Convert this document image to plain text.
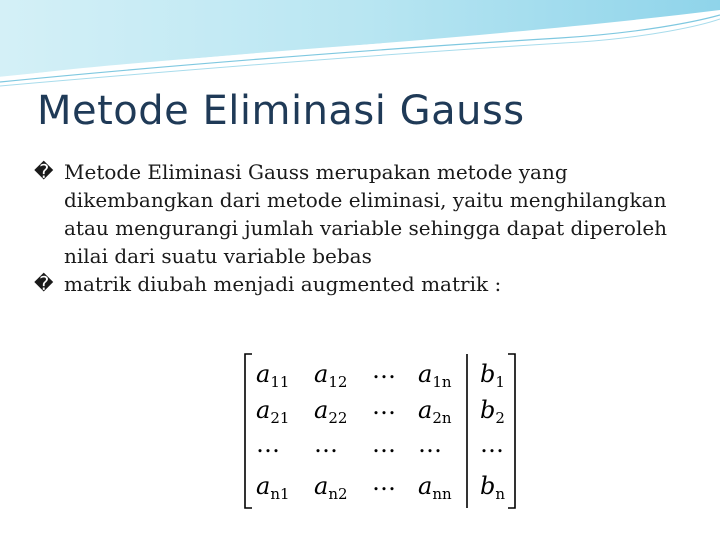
Metode Eliminasi Gauss
� Metode Eliminasi Gauss merupakan metode yang dikembangkan dari metode eliminasi, yaitu menghilangkan atau mengurangi jumlah variable sehingga dapat diperoleh nilai dari suatu variable bebas
� matrik diubah menjadi augmented matrik :
$a_{11}$ $a_{12}$ … $a_{1n}$ $b_1$
$a_{21}$ $a_{22}$ … $a_{2n}$ $b_2$
… … … … …
$a_{n1}$ $a_{n2}$ … $a_{nn}$ $b_n$
